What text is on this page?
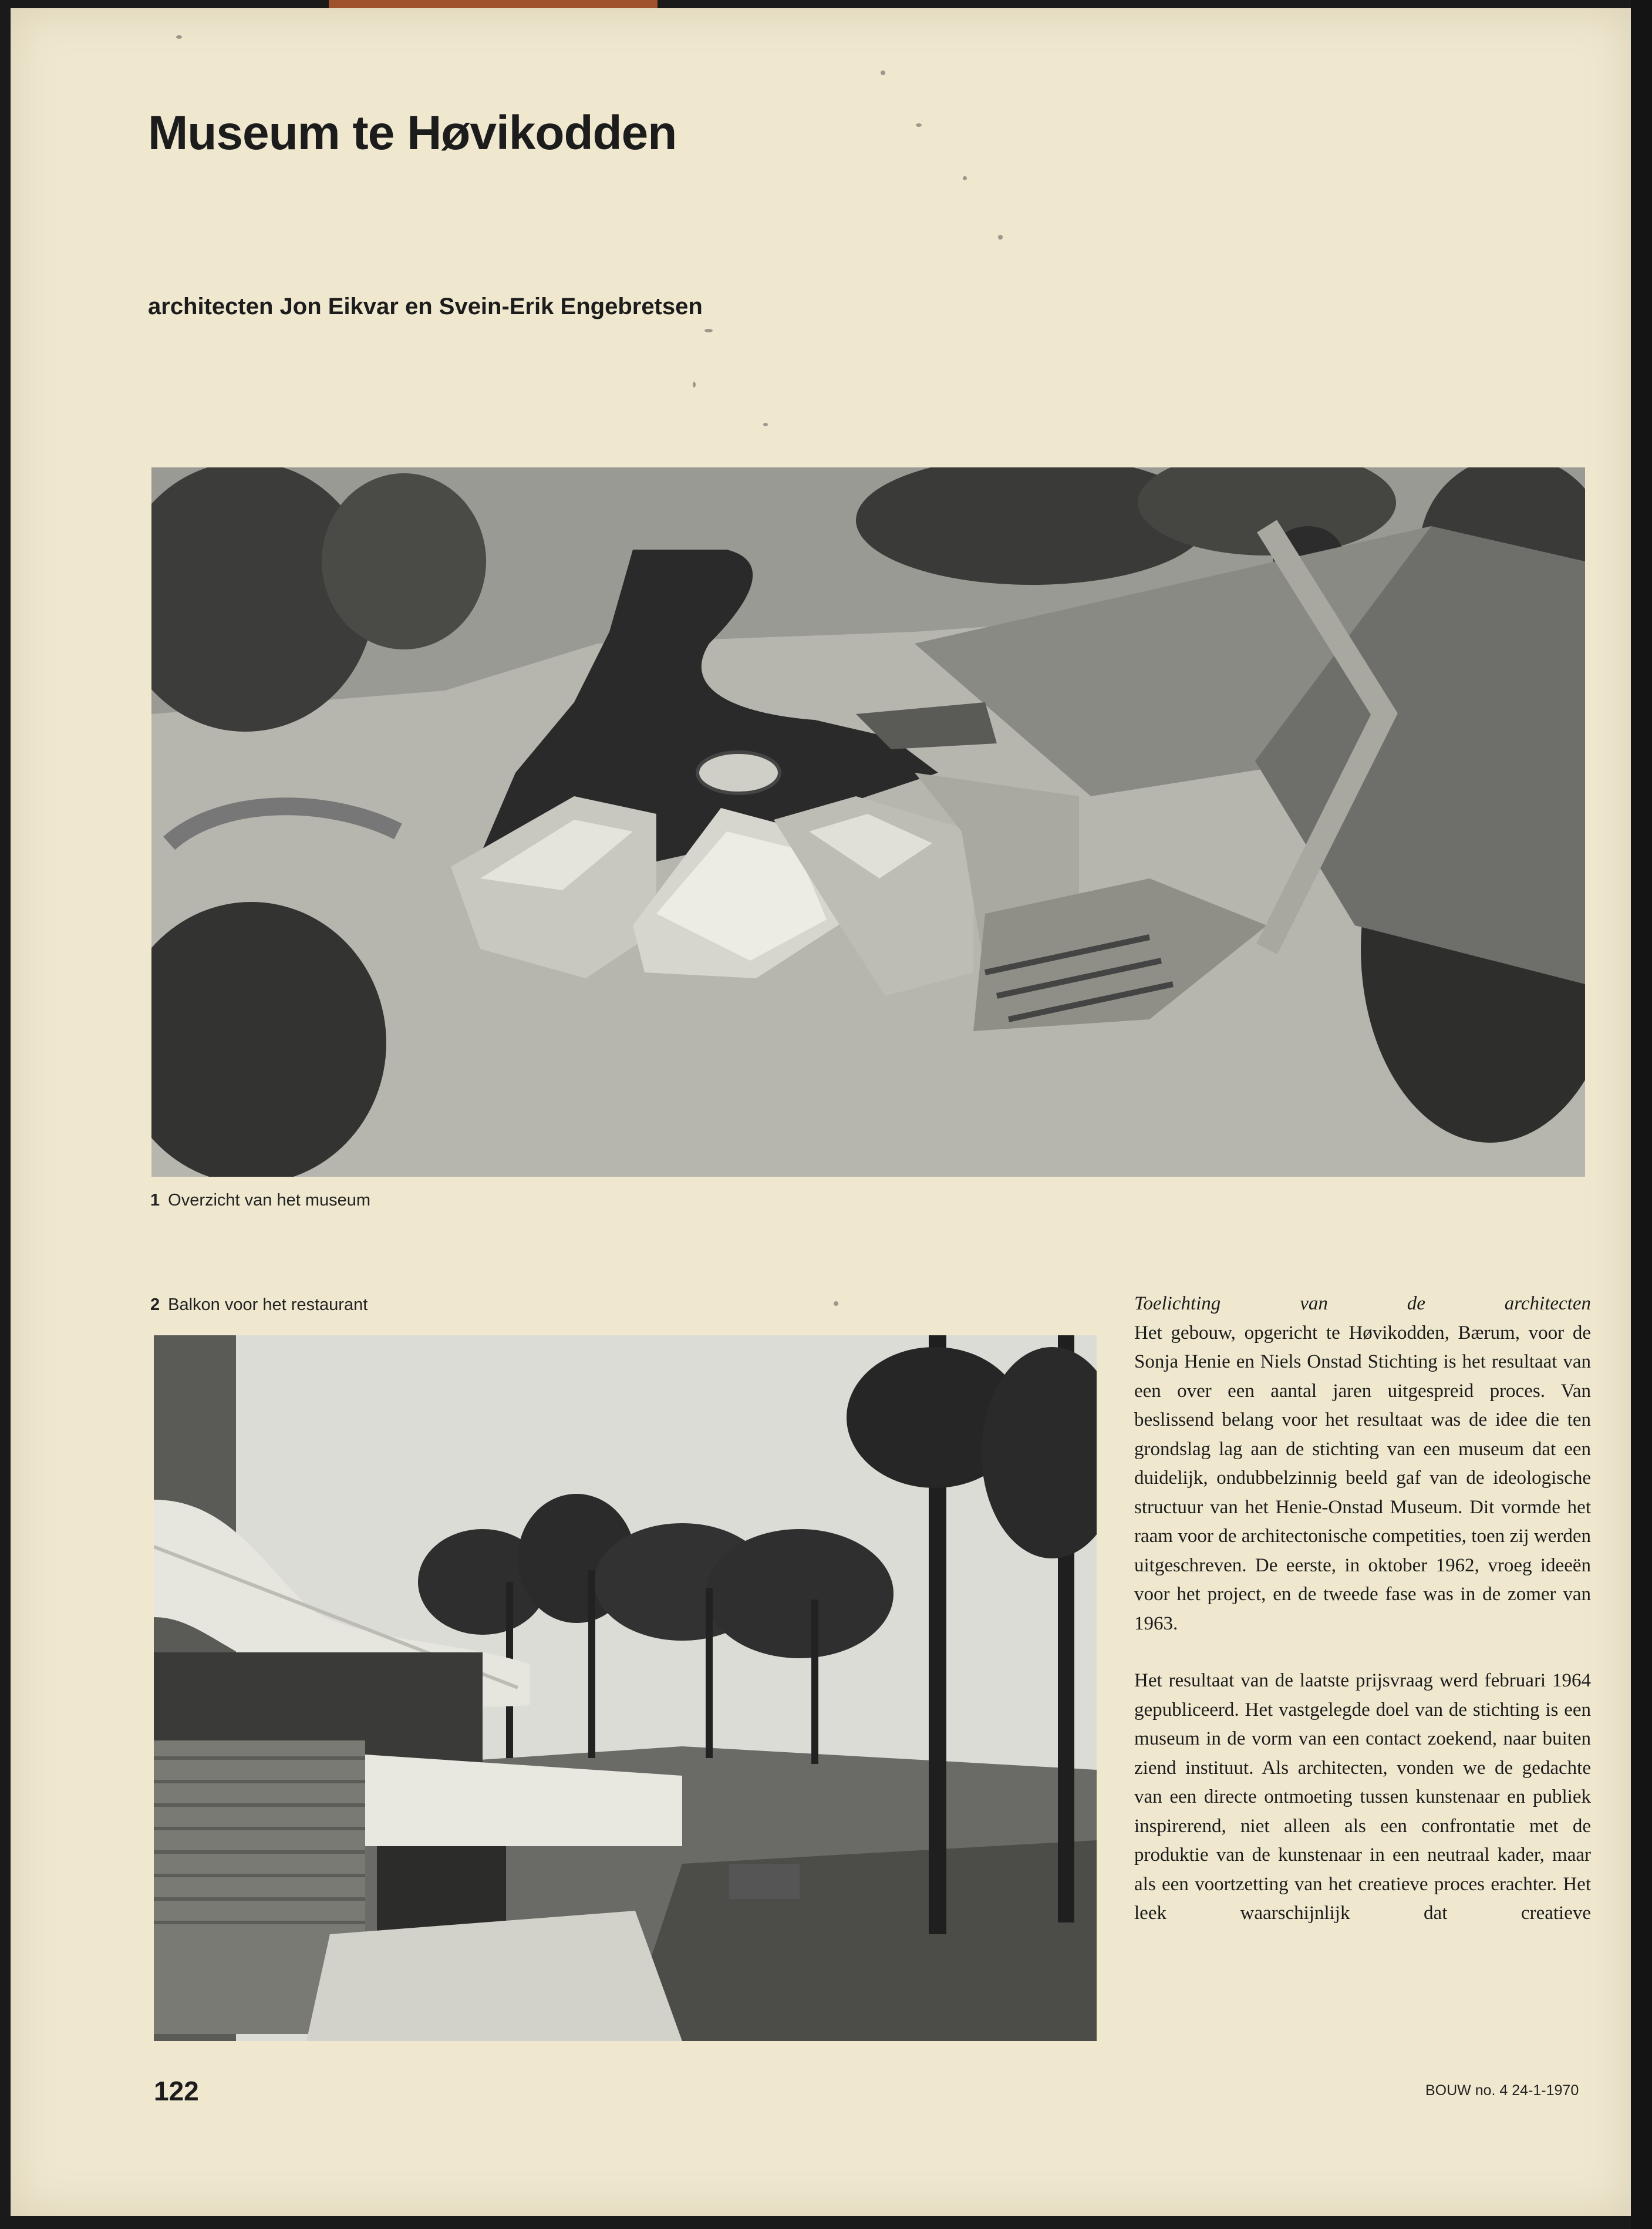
Museum te Høvikodden
architecten Jon Eikvar en Svein-Erik Engebretsen

1 Overzicht van het museum

2 Balkon voor het restaurant	Toelichting van de architecten

Het gebouw, opgericht te Høvikodden, Bærum, voor de Sonja Henie en Niels Onstad Stichting is het resultaat van een over een aantal jaren uitgespreid proces. Van beslissend belang voor het resultaat was de idee die ten grondslag lag aan de stichting van een museum dat een duidelijk, ondubbelzinnig beeld gaf van de ideologische structuur van het Henie-Onstad Museum. Dit vormde het raam voor de architectonische competities, toen zij werden uitgeschreven. De eerste, in oktober 1962, vroeg ideeën voor het project, en de tweede fase was in de zomer van 1963.

Het resultaat van de laatste prijsvraag werd februari 1964 gepubliceerd. Het vastgelegde doel van de stichting is een museum in de vorm van een contact zoekend, naar buiten ziend instituut. Als architecten, vonden we de gedachte van een directe ontmoeting tussen kunstenaar en publiek inspirerend, niet alleen als een confrontatie met de produktie van de kunstenaar in een neutraal kader, maar als een voortzetting van het creatieve proces erachter. Het leek waarschijnlijk dat creatieve

122	BOUW no. 4 24-1-1970
